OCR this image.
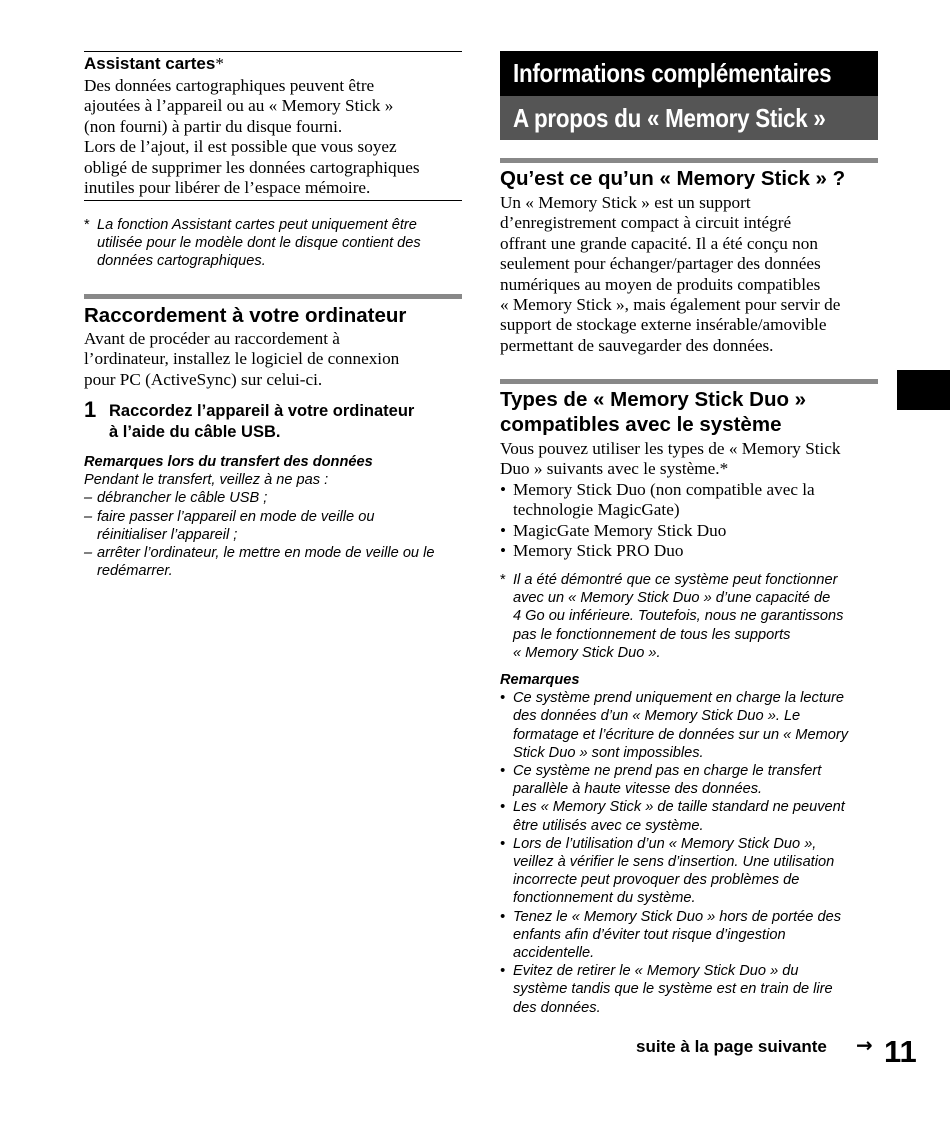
Assistant cartes*

Des données cartographiques peuvent être

ajoutées à l’appareil ou au « Memory Stick »

(non fourni) à partir du disque fourni.

Lors de l’ajout, il est possible que vous soyez

obligé de supprimer les données cartographiques

inutiles pour libérer de l’espace mémoire.

* La fonction Assistant cartes peut uniquement être

utilisée pour le modèle dont le disque contient des

données cartographiques.

Raccordement à votre ordinateur

Avant de procéder au raccordement à

l’ordinateur, installez le logiciel de connexion

pour PC (ActiveSync) sur celui-ci.

1 Raccordez l’appareil à votre ordinateur
à l’aide du câble USB.

Remarques lors du transfert des données

Pendant le transfert, veillez à ne pas :

– débrancher le câble USB ;
– faire passer l’appareil en mode de veille ou
réinitialiser l’appareil ;
– arrêter l’ordinateur, le mettre en mode de veille ou le
redémarrer.
Informations complémentaires
A propos du « Memory Stick »
Qu’est ce qu’un « Memory Stick » ?

Un « Memory Stick » est un support

d’enregistrement compact à circuit intégré

offrant une grande capacité. Il a été conçu non

seulement pour échanger/partager des données

numériques au moyen de produits compatibles

« Memory Stick », mais également pour servir de

support de stockage externe insérable/amovible

permettant de sauvegarder des données.

Types de « Memory Stick Duo »
compatibles avec le système

Vous pouvez utiliser les types de « Memory Stick

Duo » suivants avec le système.*

• Memory Stick Duo (non compatible avec la
technologie MagicGate)
• MagicGate Memory Stick Duo
• Memory Stick PRO Duo
* Il a été démontré que ce système peut fonctionner

avec un « Memory Stick Duo » d’une capacité de

4 Go ou inférieure. Toutefois, nous ne garantissons

pas le fonctionnement de tous les supports

« Memory Stick Duo ».

Remarques

• Ce système prend uniquement en charge la lecture
des données d’un « Memory Stick Duo ». Le
formatage et l’écriture de données sur un « Memory
Stick Duo » sont impossibles.
• Ce système ne prend pas en charge le transfert
parallèle à haute vitesse des données.
• Les « Memory Stick » de taille standard ne peuvent
être utilisés avec ce système.
• Lors de l’utilisation d’un « Memory Stick Duo »,
veillez à vérifier le sens d’insertion. Une utilisation
incorrecte peut provoquer des problèmes de
fonctionnement du système.
• Tenez le « Memory Stick Duo » hors de portée des
enfants afin d’éviter tout risque d’ingestion
accidentelle.
• Evitez de retirer le « Memory Stick Duo » du
système tandis que le système est en train de lire
des données.
suite à la page suivante → 11
